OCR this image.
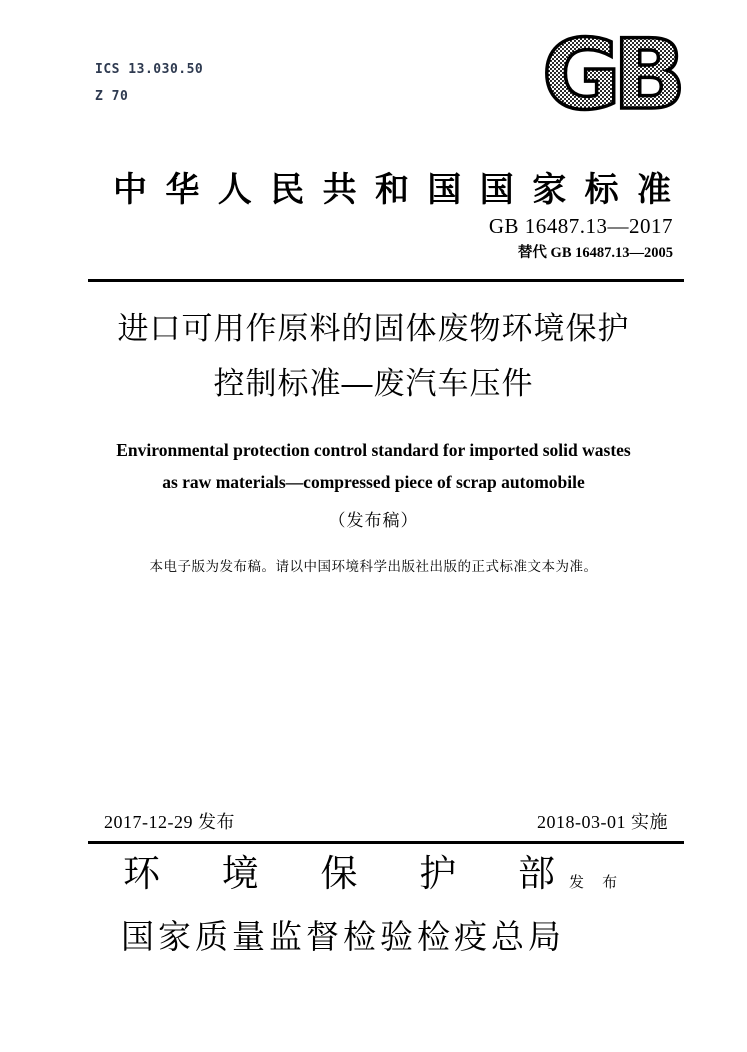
ICS 13.030.50
Z 70	GB
中华人民共和国国家标准
GB 16487.13—2017
替代 GB 16487.13—2005
进口可用作原料的固体废物环境保护
控制标准—废汽车压件
Environmental protection control standard for imported solid wastes
as raw materials—compressed piece of scrap automobile
（发布稿）
本电子版为发布稿。请以中国环境科学出版社出版的正式标准文本为准。
2017-12-29 发布	2018-03-01 实施
环境保护部 发 布
国家质量监督检验检疫总局
